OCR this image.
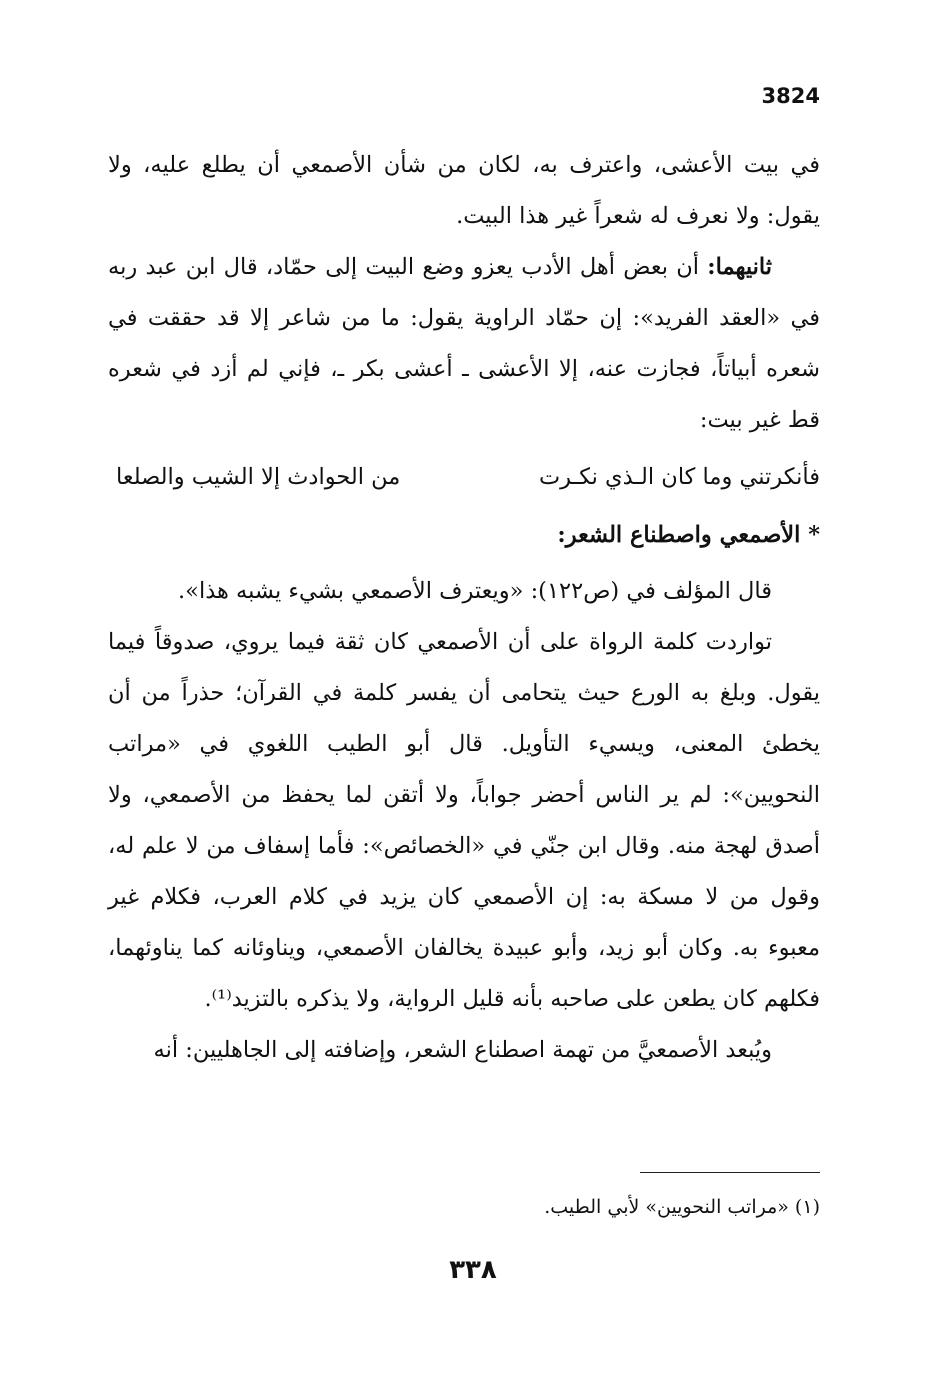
3824

في بيت الأعشى، واعترف به، لكان من شأن الأصمعي أن يطلع عليه، ولا يقول: ولا نعرف له شعراً غير هذا البيت.

ثانيهما: أن بعض أهل الأدب يعزو وضع البيت إلى حمّاد، قال ابن عبد ربه في «العقد الفريد»: إن حمّاد الراوية يقول: ما من شاعر إلا قد حققت في شعره أبياتاً، فجازت عنه، إلا الأعشى ـ أعشى بكر ـ، فإني لم أزد في شعره قط غير بيت:

فأنكرتني وما كان الـذي نكـرت
من الحوادث إلا الشيب والصلعا
* الأصمعي واصطناع الشعر:

قال المؤلف في (ص١٢٢): «ويعترف الأصمعي بشيء يشبه هذا».

تواردت كلمة الرواة على أن الأصمعي كان ثقة فيما يروي، صدوقاً فيما يقول. وبلغ به الورع حيث يتحامى أن يفسر كلمة في القرآن؛ حذراً من أن يخطئ المعنى، ويسيء التأويل. قال أبو الطيب اللغوي في «مراتب النحويين»: لم ير الناس أحضر جواباً، ولا أتقن لما يحفظ من الأصمعي، ولا أصدق لهجة منه. وقال ابن جنّي في «الخصائص»: فأما إسفاف من لا علم له، وقول من لا مسكة به: إن الأصمعي كان يزيد في كلام العرب، فكلام غير معبوء به. وكان أبو زيد، وأبو عبيدة يخالفان الأصمعي، ويناوئانه كما يناوئهما، فكلهم كان يطعن على صاحبه بأنه قليل الرواية، ولا يذكره بالتزيد⁽¹⁾.

ويُبعد الأصمعيَّ من تهمة اصطناع الشعر، وإضافته إلى الجاهليين: أنه

(١) «مراتب النحويين» لأبي الطيب.
٣٣٨
